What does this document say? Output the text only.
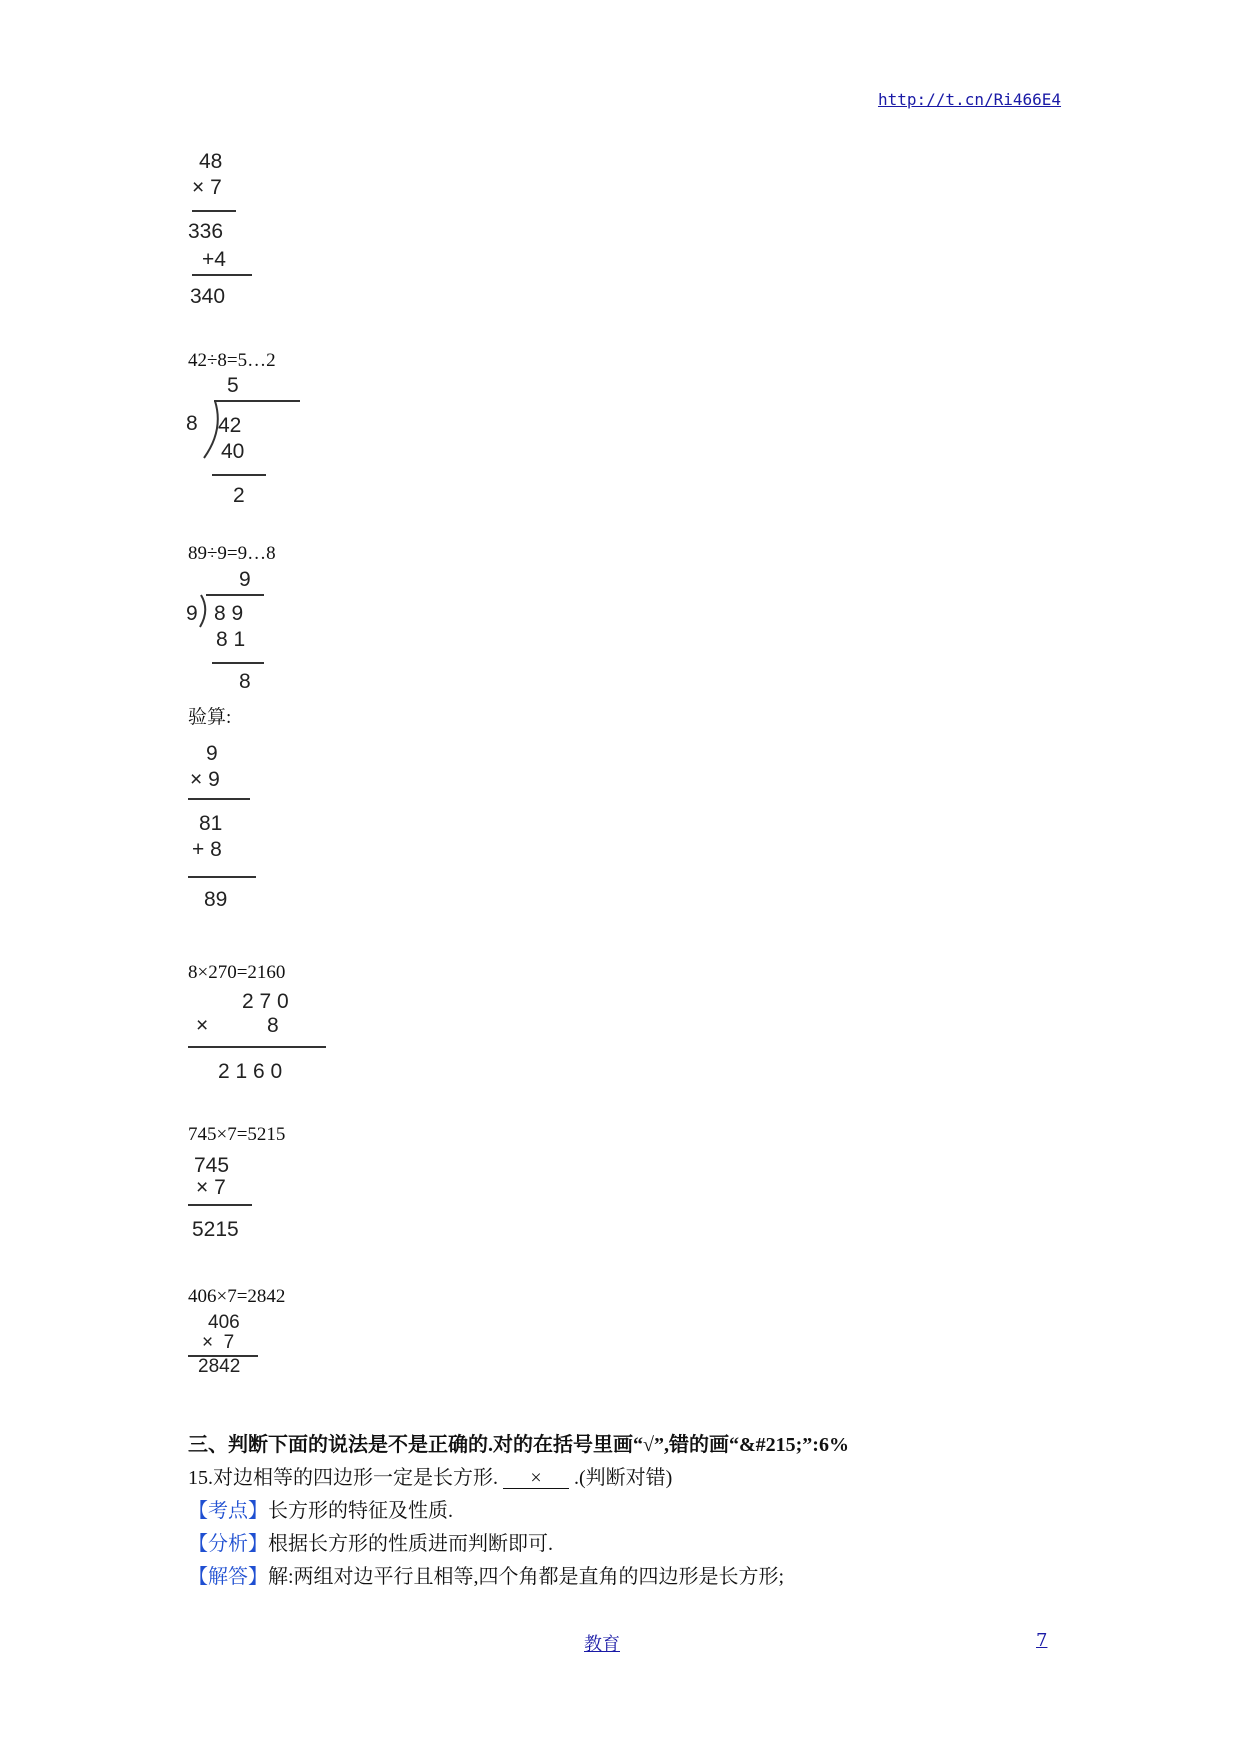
http://t.cn/Ri466E4
48
× 7
336
+4
340
42÷8=5…2
5
8 42
40
2
89÷9=9…8
9
9 8 9
8 1
8
验算:
9
× 9
81
+ 8
89
8×270=2160
2 7 0
×	8
2 1 6 0
745×7=5215
745
× 7
5215
406×7=2842
406
×  7
2842
三、判断下面的说法是不是正确的.对的在括号里画“√”,错的画“&#215;”:6%
15.对边相等的四边形一定是长方形. × .(判断对错)
【考点】长方形的特征及性质.
【分析】根据长方形的性质进而判断即可.
【解答】解:两组对边平行且相等,四个角都是直角的四边形是长方形;
教育	7
